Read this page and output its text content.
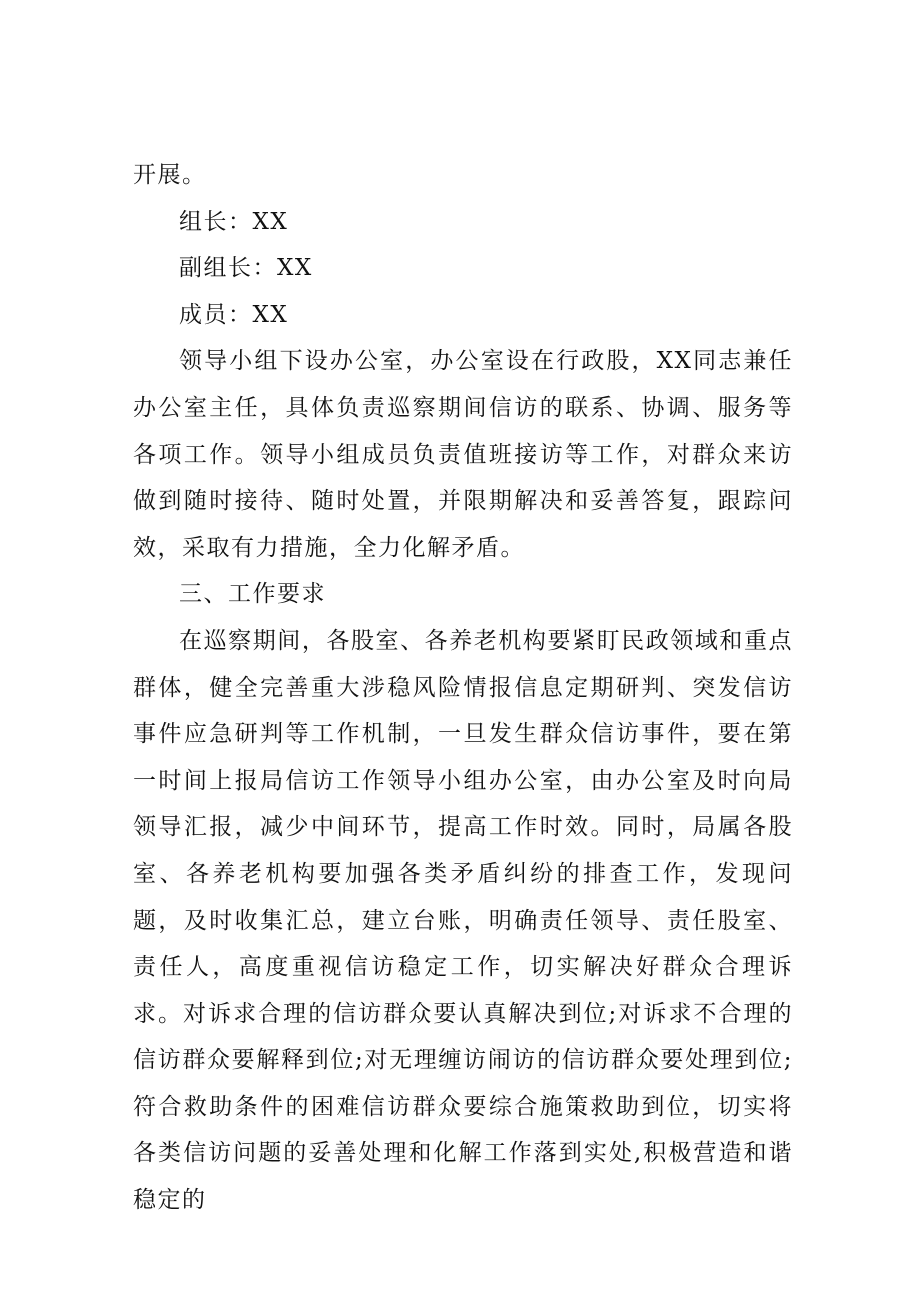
开展。

组长：XX

副组长：XX

成员：XX

领导小组下设办公室，办公室设在行政股，XX同志兼任办公室主任，具体负责巡察期间信访的联系、协调、服务等各项工作。领导小组成员负责值班接访等工作，对群众来访做到随时接待、随时处置，并限期解决和妥善答复，跟踪问效，采取有力措施，全力化解矛盾。

三、工作要求

在巡察期间，各股室、各养老机构要紧盯民政领域和重点群体，健全完善重大涉稳风险情报信息定期研判、突发信访事件应急研判等工作机制，一旦发生群众信访事件，要在第一时间上报局信访工作领导小组办公室，由办公室及时向局领导汇报，减少中间环节，提高工作时效。同时，局属各股室、各养老机构要加强各类矛盾纠纷的排查工作，发现问题，及时收集汇总，建立台账，明确责任领导、责任股室、责任人，高度重视信访稳定工作，切实解决好群众合理诉求。对诉求合理的信访群众要认真解决到位;对诉求不合理的信访群众要解释到位;对无理缠访闹访的信访群众要处理到位;符合救助条件的困难信访群众要综合施策救助到位，切实将各类信访问题的妥善处理和化解工作落到实处,积极营造和谐稳定的
